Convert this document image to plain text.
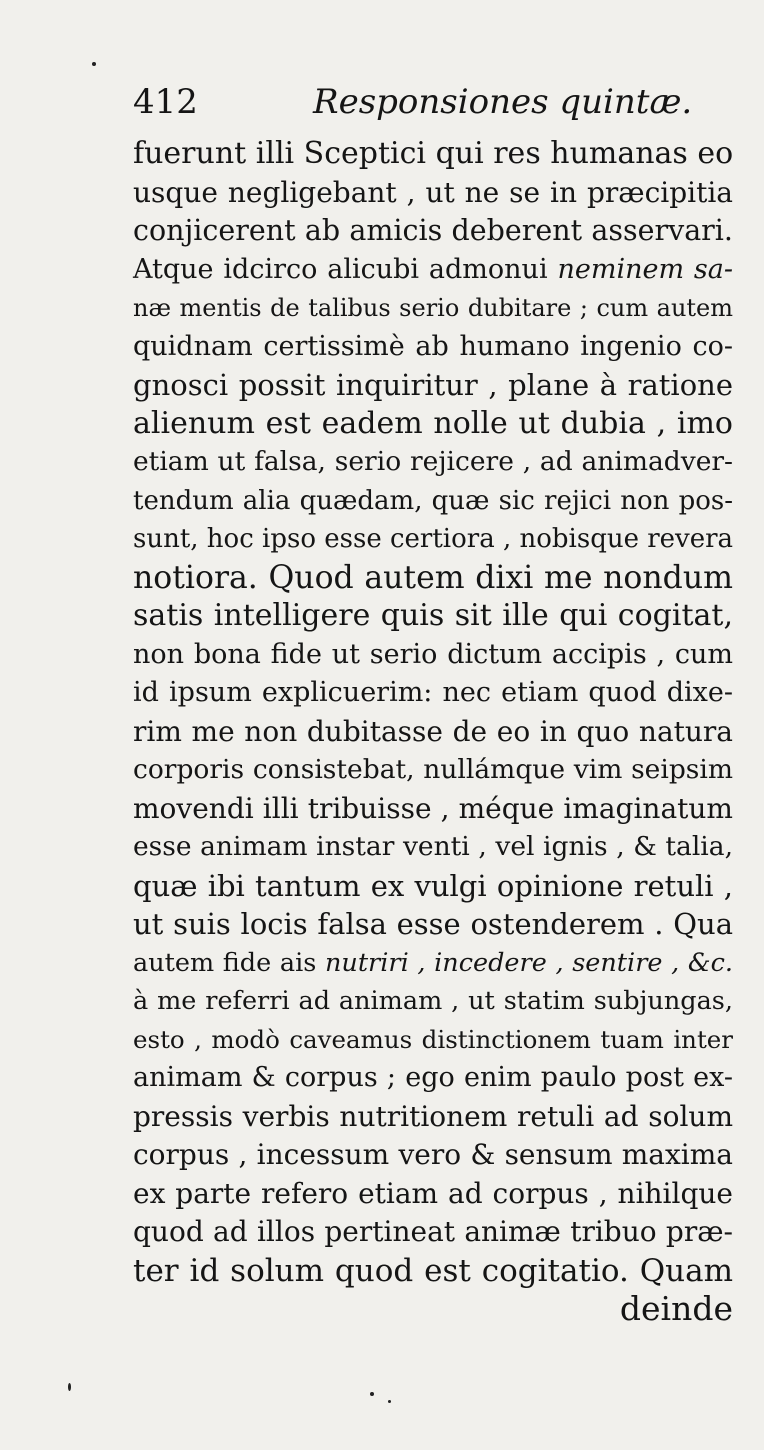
412	Responsiones quintæ.
fuerunt illi Sceptici qui res humanas eo
usque negligebant , ut ne se in præcipitia
conjicerent ab amicis deberent asservari.
Atque idcirco alicubi admonui neminem sa-
næ mentis de talibus serio dubitare ; cum autem
quidnam certissimè ab humano ingenio co-
gnosci possit inquiritur , plane à ratione
alienum est eadem nolle ut dubia , imo
etiam ut falsa, serio rejicere , ad animadver-
tendum alia quædam, quæ sic rejici non pos-
sunt, hoc ipso esse certiora , nobisque revera
notiora. Quod autem dixi me nondum
satis intelligere quis sit ille qui cogitat,
non bona fide ut serio dictum accipis , cum
id ipsum explicuerim: nec etiam quod dixe-
rim me non dubitasse de eo in quo natura
corporis consistebat, nullámque vim seipsim
movendi illi tribuisse , méque imaginatum
esse animam instar venti , vel ignis , & talia,
quæ ibi tantum ex vulgi opinione retuli ,
ut suis locis falsa esse ostenderem . Qua
autem fide ais nutriri , incedere , sentire , &c.
à me referri ad animam , ut statim subjungas,
esto , modò caveamus distinctionem tuam inter
animam & corpus ; ego enim paulo post ex-
pressis verbis nutritionem retuli ad solum
corpus , incessum vero & sensum maxima
ex parte refero etiam ad corpus , nihilque
quod ad illos pertineat animæ tribuo præ-
ter id solum quod est cogitatio. Quam
deinde
